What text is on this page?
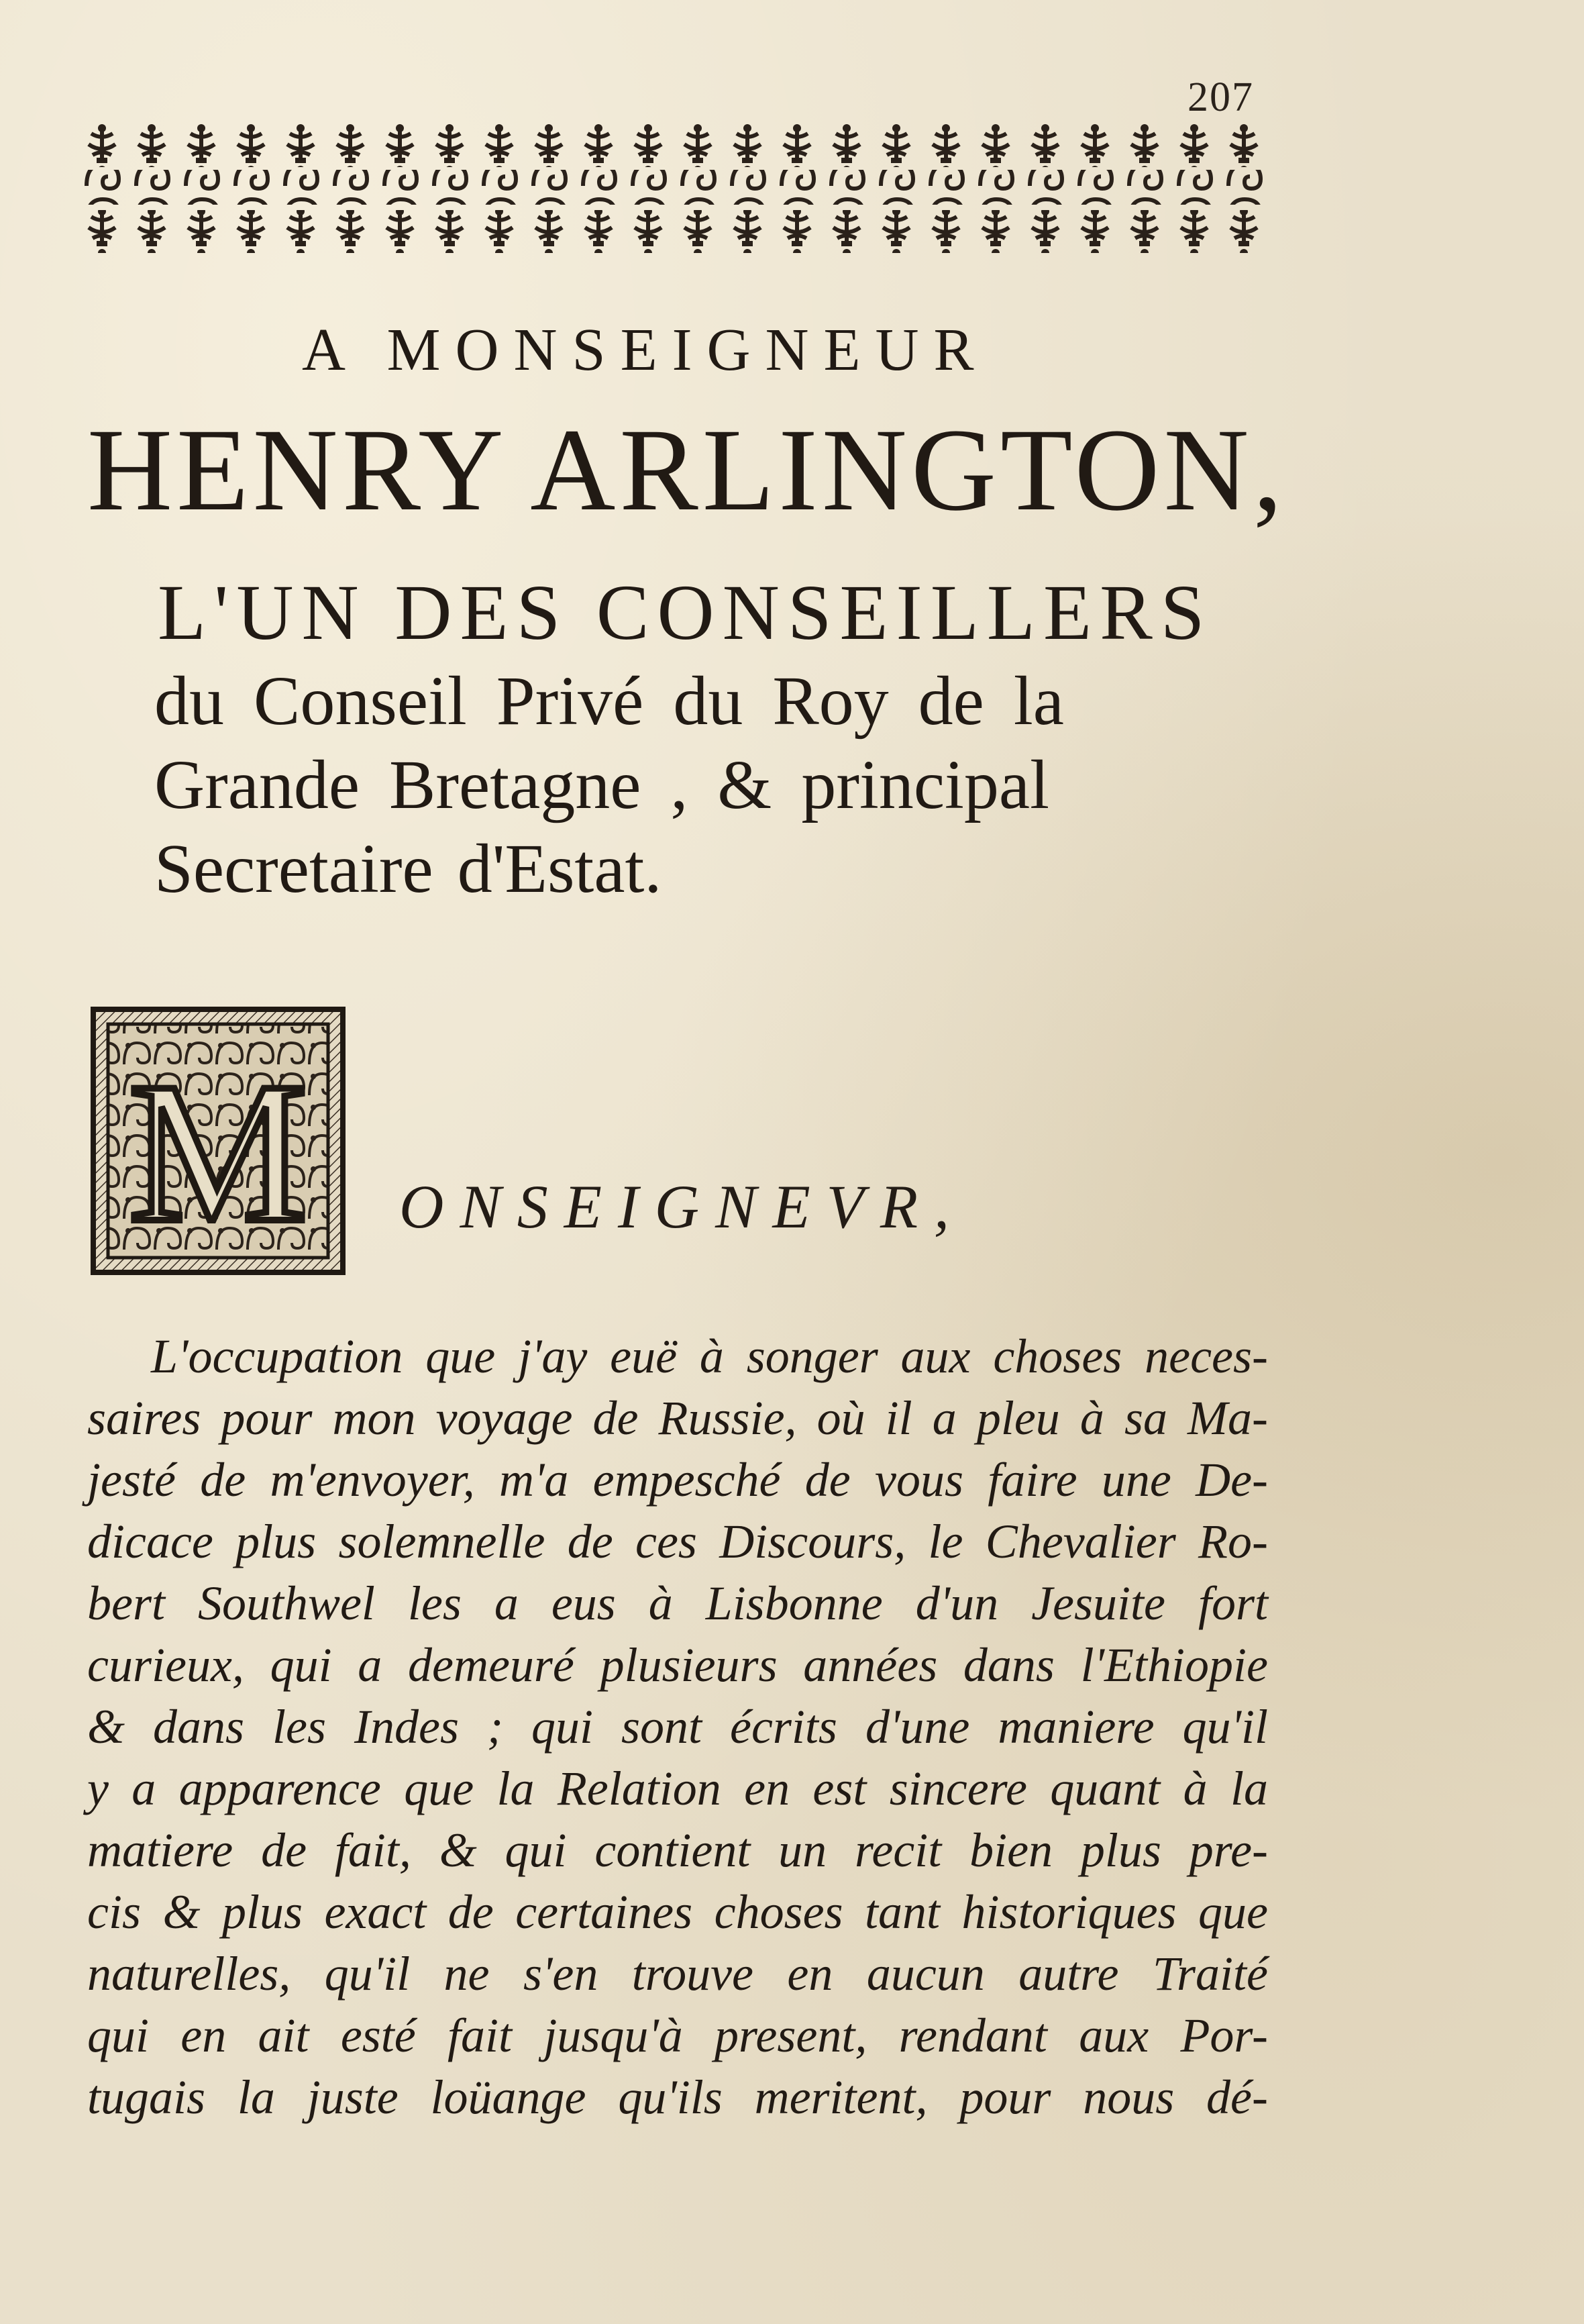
207
A MONSEIGNEUR
HENRY ARLINGTON,
L'UN DES CONSEILLERS
du Conseil Privé du Roy de la
Grande Bretagne , & principal
Secretaire d'Estat.
M ONSEIGNEVR,
L'occupation que j'ay euë à songer aux choses neces-
saires pour mon voyage de Russie, où il a pleu à sa Ma-
jesté de m'envoyer, m'a empesché de vous faire une De-
dicace plus solemnelle de ces Discours, le Chevalier Ro-
bert Southwel les a eus à Lisbonne d'un Jesuite fort
curieux, qui a demeuré plusieurs années dans l'Ethiopie
& dans les Indes ; qui sont écrits d'une maniere qu'il
y a apparence que la Relation en est sincere quant à la
matiere de fait, & qui contient un recit bien plus pre-
cis & plus exact de certaines choses tant historiques que
naturelles, qu'il ne s'en trouve en aucun autre Traité
qui en ait esté fait jusqu'à present, rendant aux Por-
tugais la juste loüange qu'ils meritent, pour nous dé-
